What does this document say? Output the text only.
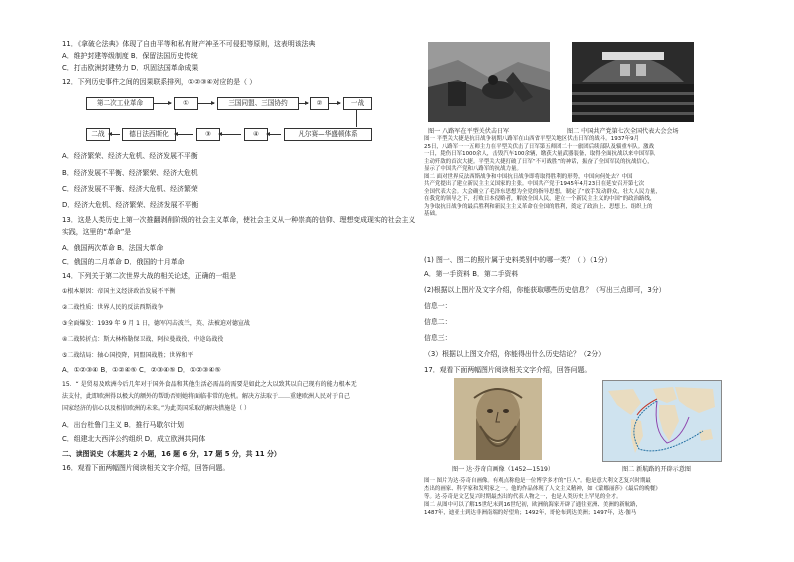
11．《拿破仑法典》体现了自由平等和私有财产神圣不可侵犯等原则，这表明该法典
A．维护封建等级制度 B．保留法国历史传统
C．打击欧洲封建势力 D．巩固法国革命成果
12．下列历史事件之间的因果联系排列，①②③④对应的是（ ）
第二次工业革命	①	三国同盟、三国协约	②	一战
二战	德日法西斯化	③	④	凡尔赛—华盛顿体系
A．经济繁荣、经济大危机、经济发展不平衡
B．经济发展不平衡、经济繁荣、经济大危机
C．经济发展不平衡、经济大危机、经济繁荣
D．经济大危机、经济繁荣、经济发展不平衡
13．这是人类历史上第一次推翻剥削阶级的社会主义革命，使社会主义从一种崇高的信仰、理想变成现实的社会主义
实践，这里的“革命”是
A．俄国两次革命 B．法国大革命
C．俄国的二月革命 D．俄国的十月革命
14．下列关于第二次世界大战的相关论述，正确的一组是
①根本原因：帝国主义经济政治发展不平衡
②二战性质：世界人民的反法西斯战争
③全面爆发：1939 年 9 月 1 日，德军闪击波兰，英、法被迫对德宣战
④二战转折点：斯大林格勒保卫战、阿拉曼战役、中途岛战役
⑤二战结局：轴心国投降，同盟国战胜；世界和平
A．①②③④ B．①②④⑤ C．②③④⑤ D．①②③④⑤
15．“ 是贸易及欧洲今后几年对于国外食品和其他生活必需品的需要是如此之大以致其以自己现有的能力根本无
法支付，此即欧洲得以极大的额外的帮助否则她将面临非常的危机。解决方法取于……重建欧洲人民对于自己
国家经济的信心以及相信欧洲的未来。”为此美国采取的解决措施是（ ）
A．出台杜鲁门主义 B．推行马歇尔计划
C．组建北大西洋公约组织 D．成立欧洲共同体
二、读图说史（本题共 2 小题，16 题 6 分，17 题 5 分，共 11 分）
16．观看下面两幅图片阅读相关文字介绍，回答问题。
图一 八路军在平型关伏击日军	图二 中国共产党第七次全国代表大会会场
图一 平型关大捷是抗日战争初期八路军在山西省平型关地区伏击日军的战斗。1937年9月
25日，八路军一一五师主力在平型关伏击了日军第五师团二十一旅团后续部队及辎重车队。激战
一日，毙伤日军1000余人，击毁汽车100余辆，缴获大量武器装备，取得全面抗战以来中国军队
主动歼敌的首次大捷。平型关大捷打破了日军“不可战胜”的神话，振奋了全国军民的抗战信心，
显示了中国共产党和八路军的抗战力量。
图二 面对世界反法西斯战争和中国抗日战争即将取得胜利的形势，中国向何处去？中国
共产党提出了建立新民主主义国家的主张。中国共产党于1945年4月23日在延安召开第七次
全国代表大会。大会确立了毛泽东思想为全党的指导思想，制定了“放手发动群众，壮大人民力量，
在我党的领导之下，打败日本侵略者，解放全国人民，建立一个新民主主义的中国”的政治路线，
为争取抗日战争的最后胜利和新民主主义革命在全国的胜利，奠定了政治上、思想上、组织上的
基础。
(1) 图一、图二的照片属于史料类别中的哪一类？（ ）（1分）
A．第一手资料 B．第二手资料
(2)根据以上图片及文字介绍，你能获取哪些历史信息？（写出三点即可，3分）
信息一：
信息二：
信息三：
（3）根据以上图文介绍，你能得出什么历史结论？（2分）
17．观看下面两幅图片阅读相关文字介绍，回答问题。
图一 达·芬奇自画像（1452—1519）	图二 新航路的开辟示意图
图一 图片为达·芬奇自画像。有观点称他是一位博学多才的“巨人”。他是意大利文艺复兴时期最
杰出的画家、科学家和发明家之一。他的作品体现了人文主义精神，如《蒙娜丽莎》《最后的晚餐》
等。达·芬奇是文艺复兴时期最杰出的代表人物之一，也是人类历史上罕见的全才。
图二 从图中可以了解15世纪末到16世纪初，欧洲航海家开辟了通往亚洲、美洲的新航路，
1487年，迪亚士到达非洲南端的好望角；1492年，哥伦布到达美洲；1497年，达·伽马
